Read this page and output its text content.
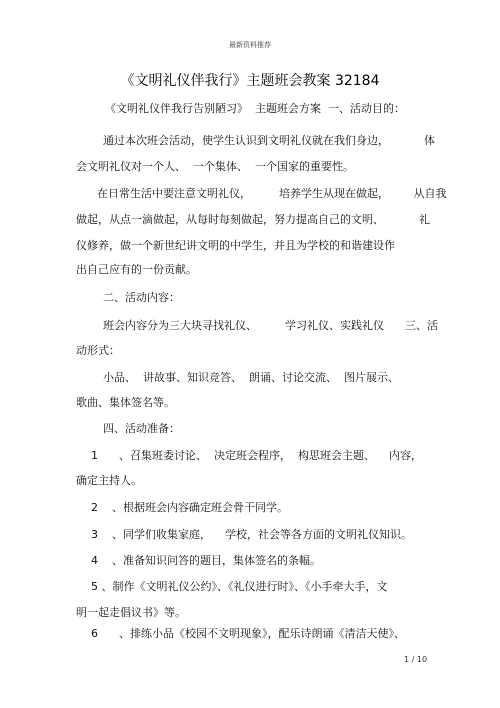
最新资料推荐
《文明礼仪伴我行》主题班会教案 32184
《文明礼仪伴我行告别陋习》  主题班会方案  一、活动目的：
通过本次班会活动，使学生认识到文明礼仪就在我们身边，          体
会文明礼仪对一个人、  一个集体、  一个国家的重要性。
在日常生活中要注意文明礼仪，        培养学生从现在做起，       从自我
做起，从点一滴做起，从每时每刻做起，努力提高自己的文明、          礼
仪修养，做一个新世纪讲文明的中学生，并且为学校的和谐建设作
出自己应有的一份贡献。
二、活动内容：
班会内容分为三大块寻找礼仪、        学习礼仪、实践礼仪      三、活
动形式：
小品、  讲故事、知识竞答、  朗诵、讨论交流、  图片展示、
歌曲、集体签名等。
四、活动准备：
1      、召集班委讨论、  决定班会程序，  构思班会主题、    内容，
确定主持人。
2    、根据班会内容确定班会骨干同学。
3    、同学们收集家庭，    学校，社会等各方面的文明礼仪知识。
4    、准备知识问答的题目，集体签名的条幅。
5 、制作《文明礼仪公约》、《礼仪进行时》、《小手牵大手，文
明一起走倡议书》等。
6      、排练小品《校园不文明现象》，配乐诗朗诵《清洁天使》、
1 / 10
